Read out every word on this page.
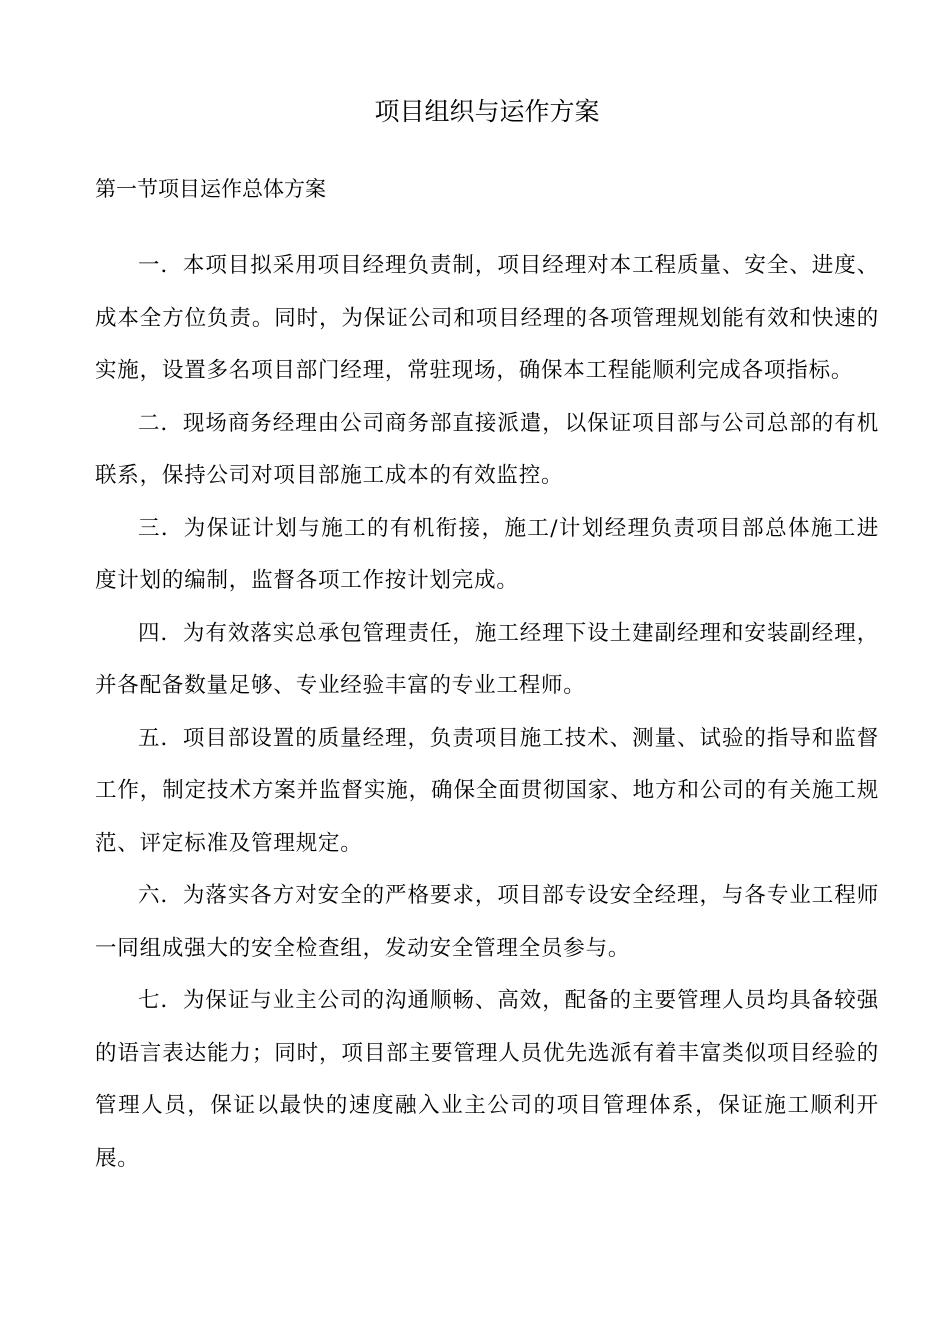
项目组织与运作方案
第一节项目运作总体方案

一．本项目拟采用项目经理负责制，项目经理对本工程质量、安全、进度、成本全方位负责。同时，为保证公司和项目经理的各项管理规划能有效和快速的实施，设置多名项目部门经理，常驻现场，确保本工程能顺利完成各项指标。

二．现场商务经理由公司商务部直接派遣，以保证项目部与公司总部的有机联系，保持公司对项目部施工成本的有效监控。

三．为保证计划与施工的有机衔接，施工/计划经理负责项目部总体施工进度计划的编制，监督各项工作按计划完成。

四．为有效落实总承包管理责任，施工经理下设土建副经理和安装副经理，并各配备数量足够、专业经验丰富的专业工程师。

五．项目部设置的质量经理，负责项目施工技术、测量、试验的指导和监督工作，制定技术方案并监督实施，确保全面贯彻国家、地方和公司的有关施工规范、评定标准及管理规定。

六．为落实各方对安全的严格要求，项目部专设安全经理，与各专业工程师一同组成强大的安全检查组，发动安全管理全员参与。

七．为保证与业主公司的沟通顺畅、高效，配备的主要管理人员均具备较强的语言表达能力；同时，项目部主要管理人员优先选派有着丰富类似项目经验的管理人员，保证以最快的速度融入业主公司的项目管理体系，保证施工顺利开展。
